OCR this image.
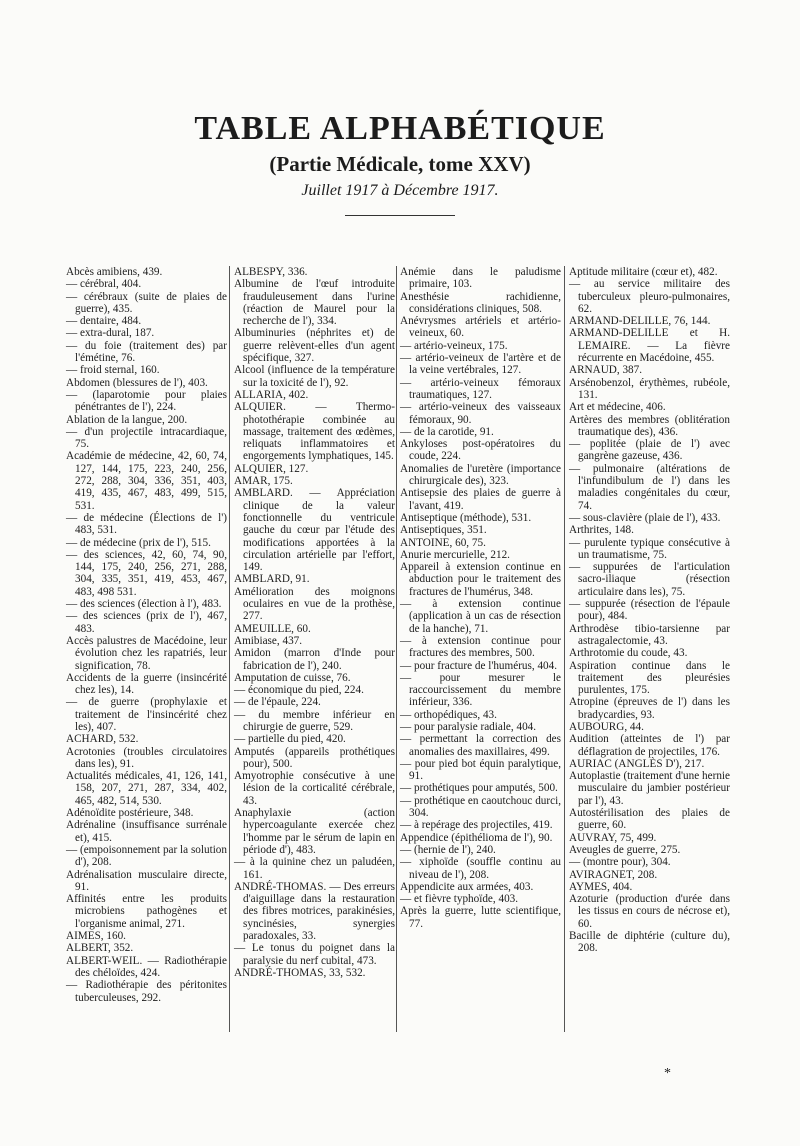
TABLE ALPHABÉTIQUE
(Partie Médicale, tome XXV)
Juillet 1917 à Décembre 1917.
Abcès amibiens, 439.
— cérébral, 404.
— cérébraux (suite de plaies de guerre), 435.
— dentaire, 484.
— extra-dural, 187.
— du foie (traitement des) par l'émétine, 76.
— froid sternal, 160.
Abdomen (blessures de l'), 403.
— (laparotomie pour plaies pénétrantes de l'), 224.
Ablation de la langue, 200.
— d'un projectile intracardiaque, 75.
Académie de médecine, 42, 60, 74, 127, 144, 175, 223, 240, 256, 272, 288, 304, 336, 351, 403, 419, 435, 467, 483, 499, 515, 531.
— de médecine (Élections de l') 483, 531.
— de médecine (prix de l'), 515.
— des sciences, 42, 60, 74, 90, 144, 175, 240, 256, 271, 288, 304, 335, 351, 419, 453, 467, 483, 498 531.
— des sciences (élection à l'), 483.
— des sciences (prix de l'), 467, 483.
Accès palustres de Macédoine, leur évolution chez les rapatriés, leur signification, 78.
Accidents de la guerre (insincérité chez les), 14.
— de guerre (prophylaxie et traitement de l'insincérité chez les), 407.
ACHARD, 532.
Acrotonies (troubles circulatoires dans les), 91.
Actualités médicales, 41, 126, 141, 158, 207, 271, 287, 334, 402, 465, 482, 514, 530.
Adénoïdite postérieure, 348.
Adrénaline (insuffisance surrénale et), 415.
— (empoisonnement par la solution d'), 208.
Adrénalisation musculaire directe, 91.
Affinités entre les produits microbiens pathogènes et l'organisme animal, 271.
AIMES, 160.
ALBERT, 352.
ALBERT-WEIL. — Radiothérapie des chéloïdes, 424.
— Radiothérapie des péritonites tuberculeuses, 292.
ALBESPY, 336.
Albumine de l'œuf introduite frauduleusement dans l'urine (réaction de Maurel pour la recherche de l'), 334.
Albuminuries (néphrites et) de guerre relèvent-elles d'un agent spécifique, 327.
Alcool (influence de la température sur la toxicité de l'), 92.
ALLARIA, 402.
ALQUIER. — Thermo-photothérapie combinée au massage, traitement des œdèmes, reliquats inflammatoires et engorgements lymphatiques, 145.
ALQUIER, 127.
AMAR, 175.
AMBLARD. — Appréciation clinique de la valeur fonctionnelle du ventricule gauche du cœur par l'étude des modifications apportées à la circulation artérielle par l'effort, 149.
AMBLARD, 91.
Amélioration des moignons oculaires en vue de la prothèse, 277.
AMEUILLE, 60.
Amibiase, 437.
Amidon (marron d'Inde pour fabrication de l'), 240.
Amputation de cuisse, 76.
— économique du pied, 224.
— de l'épaule, 224.
— du membre inférieur en chirurgie de guerre, 529.
— partielle du pied, 420.
Amputés (appareils prothétiques pour), 500.
Amyotrophie consécutive à une lésion de la corticalité cérébrale, 43.
Anaphylaxie (action hypercoagulante exercée chez l'homme par le sérum de lapin en période d'), 483.
— à la quinine chez un paludéen, 161.
ANDRÉ-THOMAS. — Des erreurs d'aiguillage dans la restauration des fibres motrices, parakinésies, syncinésies, synergies paradoxales, 33.
— Le tonus du poignet dans la paralysie du nerf cubital, 473.
ANDRÉ-THOMAS, 33, 532.
Anémie dans le paludisme primaire, 103.
Anesthésie rachidienne, considérations cliniques, 508.
Anévrysmes artériels et artério-veineux, 60.
— artério-veineux, 175.
— artério-veineux de l'artère et de la veine vertébrales, 127.
— artério-veineux fémoraux traumatiques, 127.
— artério-veineux des vaisseaux fémoraux, 90.
— de la carotide, 91.
Ankyloses post-opératoires du coude, 224.
Anomalies de l'uretère (importance chirurgicale des), 323.
Antisepsie des plaies de guerre à l'avant, 419.
Antiseptique (méthode), 531.
Antiseptiques, 351.
ANTOINE, 60, 75.
Anurie mercurielle, 212.
Appareil à extension continue en abduction pour le traitement des fractures de l'humérus, 348.
— à extension continue (application à un cas de résection de la hanche), 71.
— à extension continue pour fractures des membres, 500.
— pour fracture de l'humérus, 404.
— pour mesurer le raccourcissement du membre inférieur, 336.
— orthopédiques, 43.
— pour paralysie radiale, 404.
— permettant la correction des anomalies des maxillaires, 499.
— pour pied bot équin paralytique, 91.
— prothétiques pour amputés, 500.
— prothétique en caoutchouc durci, 304.
— à repérage des projectiles, 419.
Appendice (épithélioma de l'), 90.
— (hernie de l'), 240.
— xiphoïde (souffle continu au niveau de l'), 208.
Appendicite aux armées, 403.
— et fièvre typhoïde, 403.
Après la guerre, lutte scientifique, 77.
Aptitude militaire (cœur et), 482.
— au service militaire des tuberculeux pleuro-pulmonaires, 62.
ARMAND-DELILLE, 76, 144.
ARMAND-DELILLE et H. LEMAIRE. — La fièvre récurrente en Macédoine, 455.
ARNAUD, 387.
Arsénobenzol, érythèmes, rubéole, 131.
Art et médecine, 406.
Artères des membres (oblitération traumatique des), 436.
— poplitée (plaie de l') avec gangrène gazeuse, 436.
— pulmonaire (altérations de l'infundibulum de l') dans les maladies congénitales du cœur, 74.
— sous-clavière (plaie de l'), 433.
Arthrites, 148.
— purulente typique consécutive à un traumatisme, 75.
— suppurées de l'articulation sacro-iliaque (résection articulaire dans les), 75.
— suppurée (résection de l'épaule pour), 484.
Arthrodèse tibio-tarsienne par astragalectomie, 43.
Arthrotomie du coude, 43.
Aspiration continue dans le traitement des pleurésies purulentes, 175.
Atropine (épreuves de l') dans les bradycardies, 93.
AUBOURG, 44.
Audition (atteintes de l') par déflagration de projectiles, 176.
AURIAC (ANGLÈS D'), 217.
Autoplastie (traitement d'une hernie musculaire du jambier postérieur par l'), 43.
Autostérilisation des plaies de guerre, 60.
AUVRAY, 75, 499.
Aveugles de guerre, 275.
— (montre pour), 304.
AVIRAGNET, 208.
AYMES, 404.
Azoturie (production d'urée dans les tissus en cours de nécrose et), 60.
Bacille de diphtérie (culture du), 208.
*
